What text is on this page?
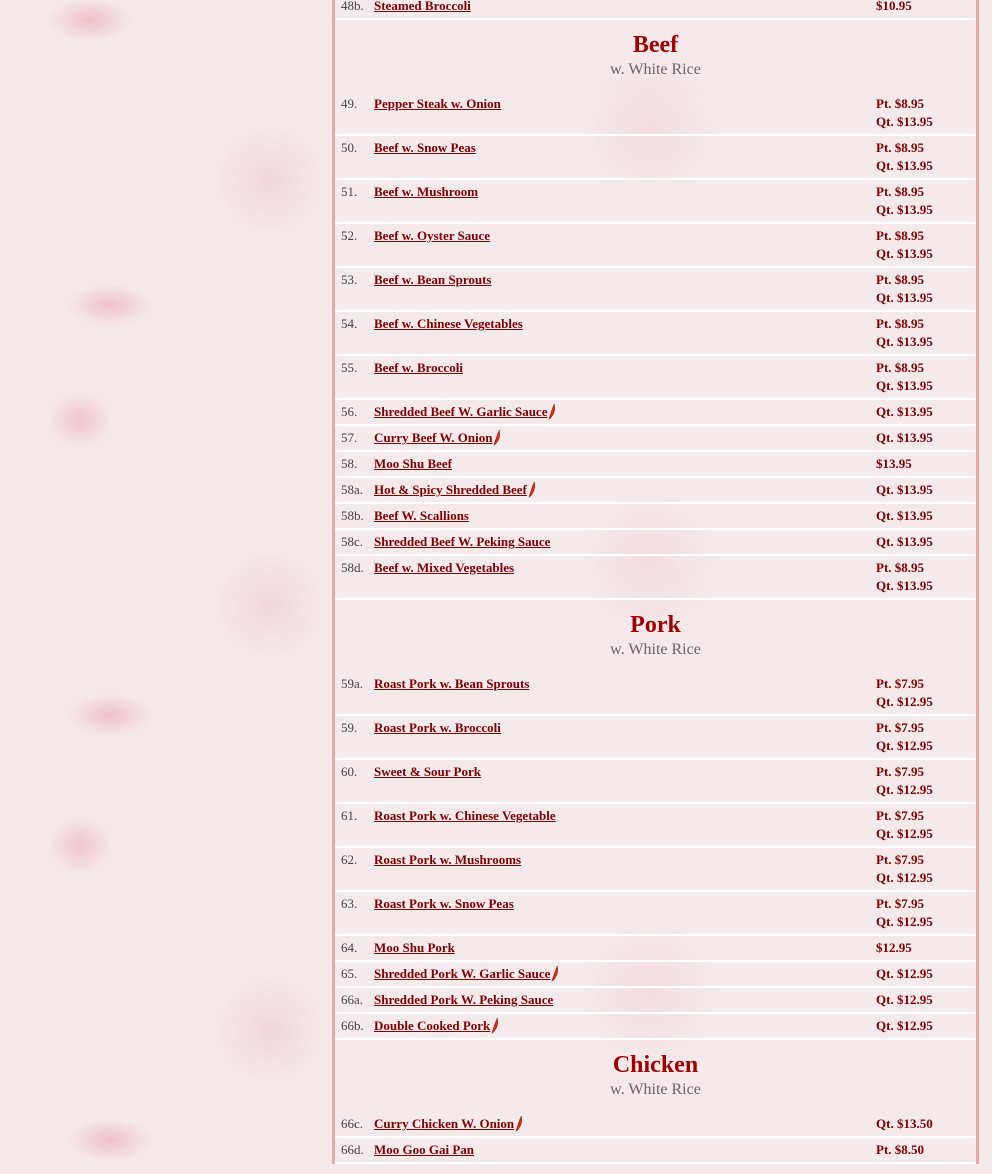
48b. Steamed Broccoli	$10.95
Beef
w. White Rice
49.	Pepper Steak w. Onion	Pt. $8.95
Qt. $13.95
50.	Beef w. Snow Peas	Pt. $8.95
Qt. $13.95
51.	Beef w. Mushroom	Pt. $8.95
Qt. $13.95
52.	Beef w. Oyster Sauce	Pt. $8.95
Qt. $13.95
53.	Beef w. Bean Sprouts	Pt. $8.95
Qt. $13.95
54.	Beef w. Chinese Vegetables	Pt. $8.95
Qt. $13.95
55.	Beef w. Broccoli	Pt. $8.95
Qt. $13.95
56.	Shredded Beef W. Garlic Sauce	Qt. $13.95
57.	Curry Beef W. Onion	Qt. $13.95
58.	Moo Shu Beef	$13.95
58a. Hot & Spicy Shredded Beef	Qt. $13.95
58b. Beef W. Scallions	Qt. $13.95
58c. Shredded Beef W. Peking Sauce	Qt. $13.95
58d. Beef w. Mixed Vegetables	Pt. $8.95
Qt. $13.95
Pork
w. White Rice
59a. Roast Pork w. Bean Sprouts	Pt. $7.95
Qt. $12.95
59.	Roast Pork w. Broccoli	Pt. $7.95
Qt. $12.95
60.	Sweet & Sour Pork	Pt. $7.95
Qt. $12.95
61.	Roast Pork w. Chinese Vegetable	Pt. $7.95
Qt. $12.95
62.	Roast Pork w. Mushrooms	Pt. $7.95
Qt. $12.95
63.	Roast Pork w. Snow Peas	Pt. $7.95
Qt. $12.95
64.	Moo Shu Pork	$12.95
65.	Shredded Pork W. Garlic Sauce	Qt. $12.95
66a. Shredded Pork W. Peking Sauce	Qt. $12.95
66b. Double Cooked Pork	Qt. $12.95
Chicken
w. White Rice
66c. Curry Chicken W. Onion	Qt. $13.50
66d. Moo Goo Gai Pan	Pt. $8.50
